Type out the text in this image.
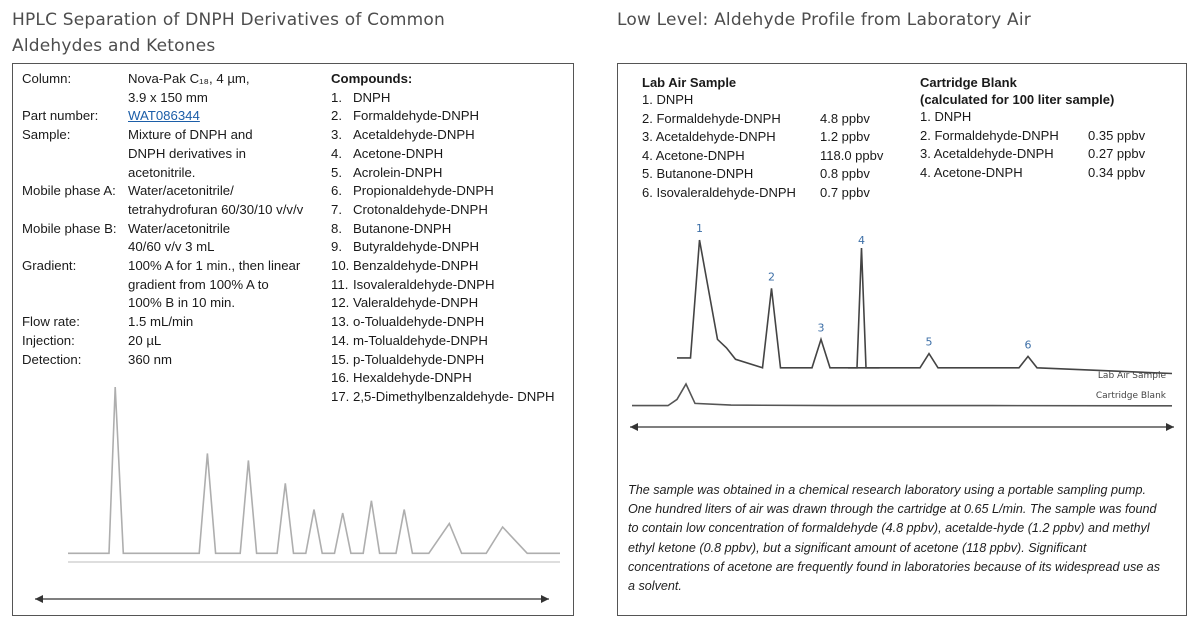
HPLC Separation of DNPH Derivatives of Common
Aldehydes and Ketones
Column:	Nova-Pak C₁₈, 4 µm,
3.9 x 150 mm
Part number:	WAT086344
Sample:	Mixture of DNPH and
DNPH derivatives in
acetonitrile.
Mobile phase A: Water/acetonitrile/
tetrahydrofuran 60/30/10 v/v/v
Mobile phase B: Water/acetonitrile
40/60 v/v 3 mL
Gradient:	100% A for 1 min., then linear
gradient from 100% A to
100% B in 10 min.
Flow rate:	1.5 mL/min
Injection:	20 µL
Detection:	360 nm
Compounds:
1. DNPH
2. Formaldehyde-DNPH
3. Acetaldehyde-DNPH
4. Acetone-DNPH
5. Acrolein-DNPH
6. Propionaldehyde-DNPH
7. Crotonaldehyde-DNPH
8. Butanone-DNPH
9. Butyraldehyde-DNPH
10. Benzaldehyde-DNPH
11. Isovaleraldehyde-DNPH
12. Valeraldehyde-DNPH
13. o-Tolualdehyde-DNPH
14. m-Tolualdehyde-DNPH
15. p-Tolualdehyde-DNPH
16. Hexaldehyde-DNPH
17. 2,5-Dimethylbenzaldehyde- DNPH
Low Level: Aldehyde Profile from Laboratory Air
Lab Air Sample
1. DNPH
2. Formaldehyde-DNPH	4.8 ppbv
3. Acetaldehyde-DNPH	1.2 ppbv
4. Acetone-DNPH	118.0 ppbv
5. Butanone-DNPH	0.8 ppbv
6. Isovaleraldehyde-DNPH	0.7 ppbv
Cartridge Blank
(calculated for 100 liter sample)
1. DNPH
2. Formaldehyde-DNPH	0.35 ppbv
3. Acetaldehyde-DNPH	0.27 ppbv
4. Acetone-DNPH	0.34 ppbv
1
2
3
4
5	6
Lab Air Sample
Cartridge Blank
The sample was obtained in a chemical research laboratory using a portable sampling pump. One hundred liters of air was drawn through the cartridge at 0.65 L/min. The sample was found to contain low concentration of formaldehyde (4.8 ppbv), acetalde-hyde (1.2 ppbv) and methyl ethyl ketone (0.8 ppbv), but a significant amount of acetone (118 ppbv). Significant concentrations of acetone are frequently found in laboratories because of its widespread use as a solvent.
